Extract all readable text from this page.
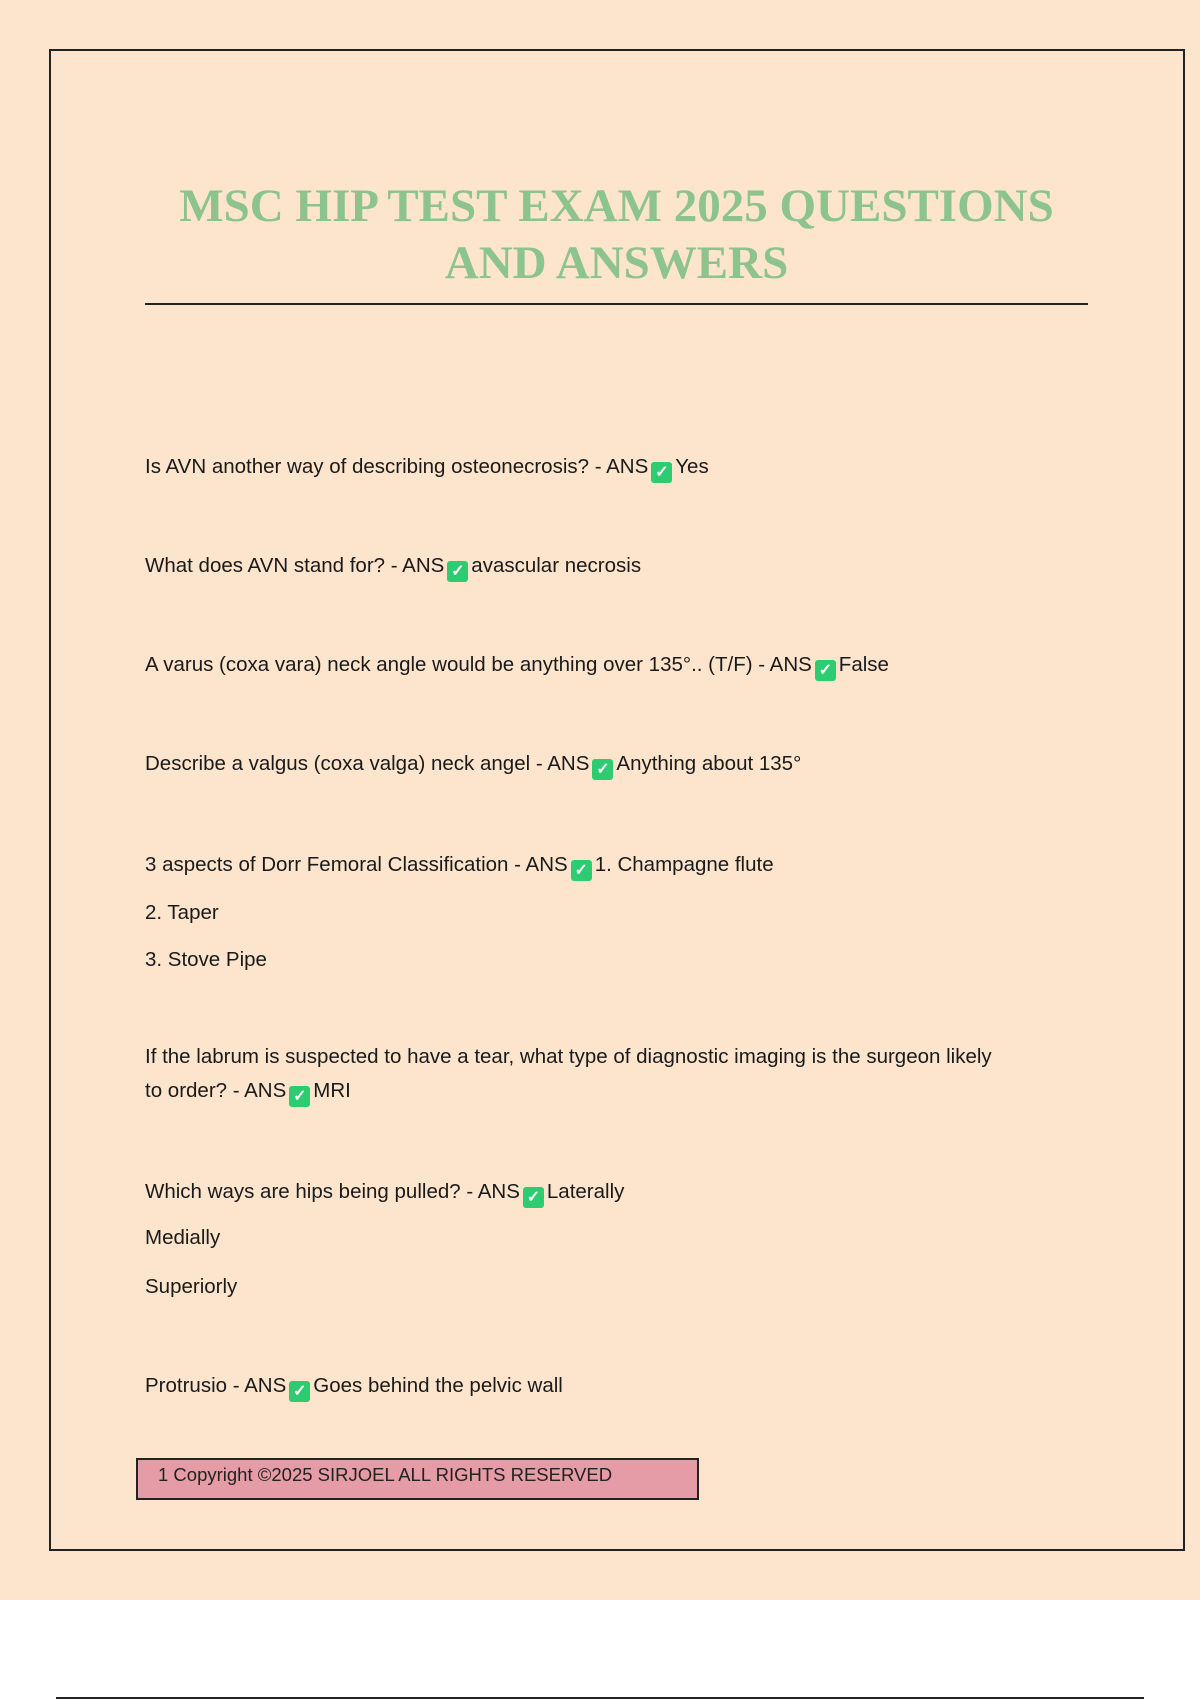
MSC HIP TEST EXAM 2025 QUESTIONS
AND ANSWERS
Is AVN another way of describing osteonecrosis? - ANS ✓ Yes
What does AVN stand for? - ANS ✓ avascular necrosis
A varus (coxa vara) neck angle would be anything over 135°.. (T/F) - ANS ✓ False
Describe a valgus (coxa valga) neck angel - ANS ✓ Anything about 135°
3 aspects of Dorr Femoral Classification - ANS ✓ 1. Champagne flute
2. Taper
3. Stove Pipe
If the labrum is suspected to have a tear, what type of diagnostic imaging is the surgeon likely
to order? - ANS ✓ MRI
Which ways are hips being pulled? - ANS ✓ Laterally
Medially
Superiorly
Protrusio - ANS ✓ Goes behind the pelvic wall
1 Copyright ©2025 SIRJOEL ALL RIGHTS RESERVED
